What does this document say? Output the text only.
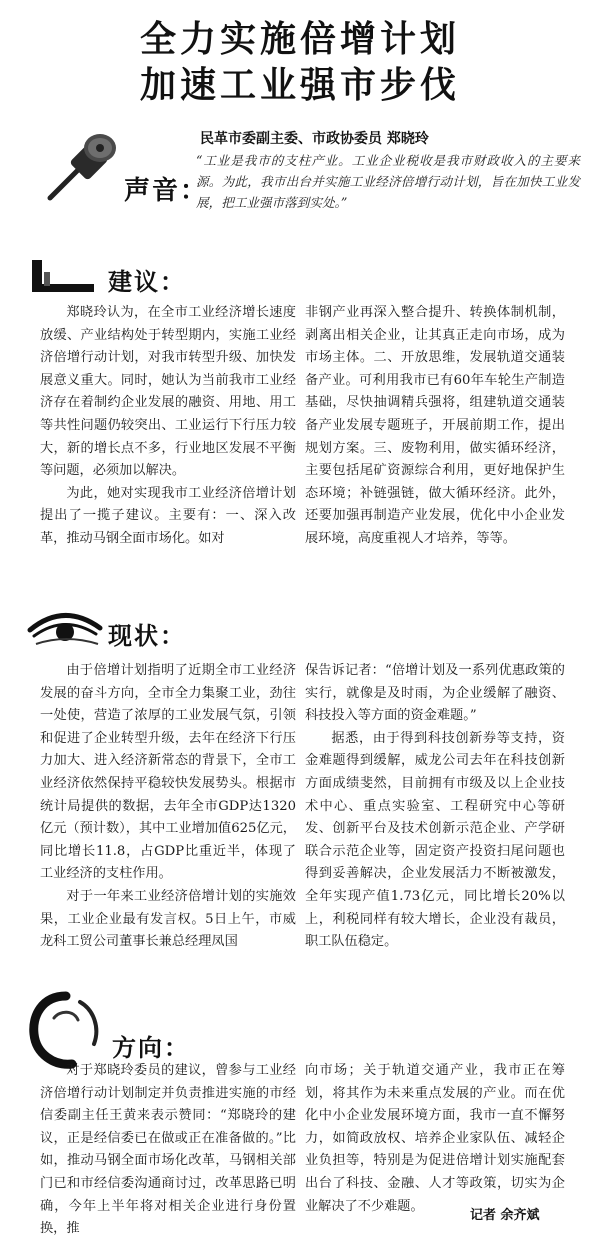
全力实施倍增计划
加速工业强市步伐
声音：
民革市委副主委、市政协委员 郑晓玲
“工业是我市的支柱产业。工业企业税收是我市财政收入的主要来源。为此，我市出台并实施工业经济倍增行动计划，旨在加快工业发展，把工业强市落到实处。”
建议：

郑晓玲认为，在全市工业经济增长速度放缓、产业结构处于转型期内，实施工业经济倍增行动计划，对我市转型升级、加快发展意义重大。同时，她认为当前我市工业经济存在着制约企业发展的融资、用地、用工等共性问题仍较突出、工业运行下行压力较大，新的增长点不多，行业地区发展不平衡等问题，必须加以解决。

为此，她对实现我市工业经济倍增计划提出了一揽子建议。主要有：一、深入改革，推动马钢全面市场化。如对

非钢产业再深入整合提升、转换体制机制，剥离出相关企业，让其真正走向市场，成为市场主体。二、开放思维，发展轨道交通装备产业。可利用我市已有60年车轮生产制造基础，尽快抽调精兵强将，组建轨道交通装备产业发展专题班子，开展前期工作，提出规划方案。三、废物利用，做实循环经济，主要包括尾矿资源综合利用，更好地保护生态环境；补链强链，做大循环经济。此外，还要加强再制造产业发展，优化中小企业发展环境，高度重视人才培养，等等。

现状：

由于倍增计划指明了近期全市工业经济发展的奋斗方向，全市全力集聚工业，劲往一处使，营造了浓厚的工业发展气氛，引领和促进了企业转型升级，去年在经济下行压力加大、进入经济新常态的背景下，全市工业经济依然保持平稳较快发展势头。根据市统计局提供的数据，去年全市GDP达1320亿元（预计数），其中工业增加值625亿元，同比增长11.8，占GDP比重近半，体现了工业经济的支柱作用。

对于一年来工业经济倍增计划的实施效果，工业企业最有发言权。5日上午，市威龙科工贸公司董事长兼总经理凤国

保告诉记者：“倍增计划及一系列优惠政策的实行，就像是及时雨，为企业缓解了融资、科技投入等方面的资金难题。”

据悉，由于得到科技创新券等支持，资金难题得到缓解，威龙公司去年在科技创新方面成绩斐然，目前拥有市级及以上企业技术中心、重点实验室、工程研究中心等研发、创新平台及技术创新示范企业、产学研联合示范企业等，固定资产投资扫尾问题也得到妥善解决，企业发展活力不断被激发，全年实现产值1.73亿元，同比增长20%以上，利税同样有较大增长，企业没有裁员，职工队伍稳定。

方向：

对于郑晓玲委员的建议，曾参与工业经济倍增行动计划制定并负责推进实施的市经信委副主任王黄来表示赞同：“郑晓玲的建议，正是经信委已在做或正在准备做的。”比如，推动马钢全面市场化改革，马钢相关部门已和市经信委沟通商讨过，改革思路已明确，今年上半年将对相关企业进行身份置换，推

向市场；关于轨道交通产业，我市正在筹划，将其作为未来重点发展的产业。而在优化中小企业发展环境方面，我市一直不懈努力，如简政放权、培养企业家队伍、减轻企业负担等，特别是为促进倍增计划实施配套出台了科技、金融、人才等政策，切实为企业解决了不少难题。

记者 余齐斌
